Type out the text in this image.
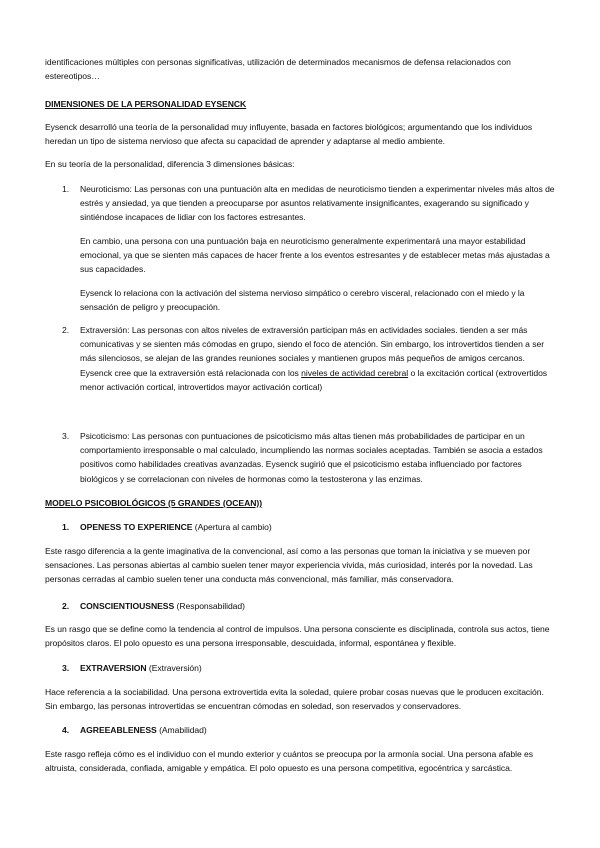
identificaciones múltiples con personas significativas, utilización de determinados mecanismos de defensa relacionados con estereotipos…

DIMENSIONES DE LA PERSONALIDAD EYSENCK

Eysenck desarrolló una teoría de la personalidad muy influyente, basada en factores biológicos; argumentando que los individuos heredan un tipo de sistema nervioso que afecta su capacidad de aprender y adaptarse al medio ambiente.

En su teoría de la personalidad, diferencia 3 dimensiones básicas:

1. Neuroticismo: Las personas con una puntuación alta en medidas de neuroticismo tienden a experimentar niveles más altos de estrés y ansiedad, ya que tienden a preocuparse por asuntos relativamente insignificantes, exagerando su significado y sintiéndose incapaces de lidiar con los factores estresantes.

En cambio, una persona con una puntuación baja en neuroticismo generalmente experimentará una mayor estabilidad emocional, ya que se sienten más capaces de hacer frente a los eventos estresantes y de establecer metas más ajustadas a sus capacidades.

Eysenck lo relaciona con la activación del sistema nervioso simpático o cerebro visceral, relacionado con el miedo y la sensación de peligro y preocupación.

2. Extraversión: Las personas con altos niveles de extraversión participan más en actividades sociales. tienden a ser más comunicativas y se sienten más cómodas en grupo, siendo el foco de atención. Sin embargo, los introvertidos tienden a ser más silenciosos, se alejan de las grandes reuniones sociales y mantienen grupos más pequeños de amigos cercanos. Eysenck cree que la extraversión está relacionada con los niveles de actividad cerebral o la excitación cortical (extrovertidos menor activación cortical, introvertidos mayor activación cortical)

3. Psicoticismo: Las personas con puntuaciones de psicoticismo más altas tienen más probabilidades de participar en un comportamiento irresponsable o mal calculado, incumpliendo las normas sociales aceptadas. También se asocia a estados positivos como habilidades creativas avanzadas. Eysenck sugirió que el psicoticismo estaba influenciado por factores biológicos y se correlacionan con niveles de hormonas como la testosterona y las enzimas.

MODELO PSICOBIOLÓGICOS (5 GRANDES (OCEAN))

1. OPENESS TO EXPERIENCE (Apertura al cambio)

Este rasgo diferencia a la gente imaginativa de la convencional, así como a las personas que toman la iniciativa y se mueven por sensaciones. Las personas abiertas al cambio suelen tener mayor experiencia vivida, más curiosidad, interés por la novedad. Las personas cerradas al cambio suelen tener una conducta más convencional, más familiar, más conservadora.

2. CONSCIENTIOUSNESS (Responsabilidad)

Es un rasgo que se define como la tendencia al control de impulsos. Una persona consciente es disciplinada, controla sus actos, tiene propósitos claros. El polo opuesto es una persona irresponsable, descuidada, informal, espontánea y flexible.

3. EXTRAVERSION (Extraversión)

Hace referencia a la sociabilidad. Una persona extrovertida evita la soledad, quiere probar cosas nuevas que le producen excitación. Sin embargo, las personas introvertidas se encuentran cómodas en soledad, son reservados y conservadores.

4. AGREEABLENESS (Amabilidad)

Este rasgo refleja cómo es el individuo con el mundo exterior y cuántos se preocupa por la armonía social. Una persona afable es altruista, considerada, confiada, amigable y empática. El polo opuesto es una persona competitiva, egocéntrica y sarcástica.
